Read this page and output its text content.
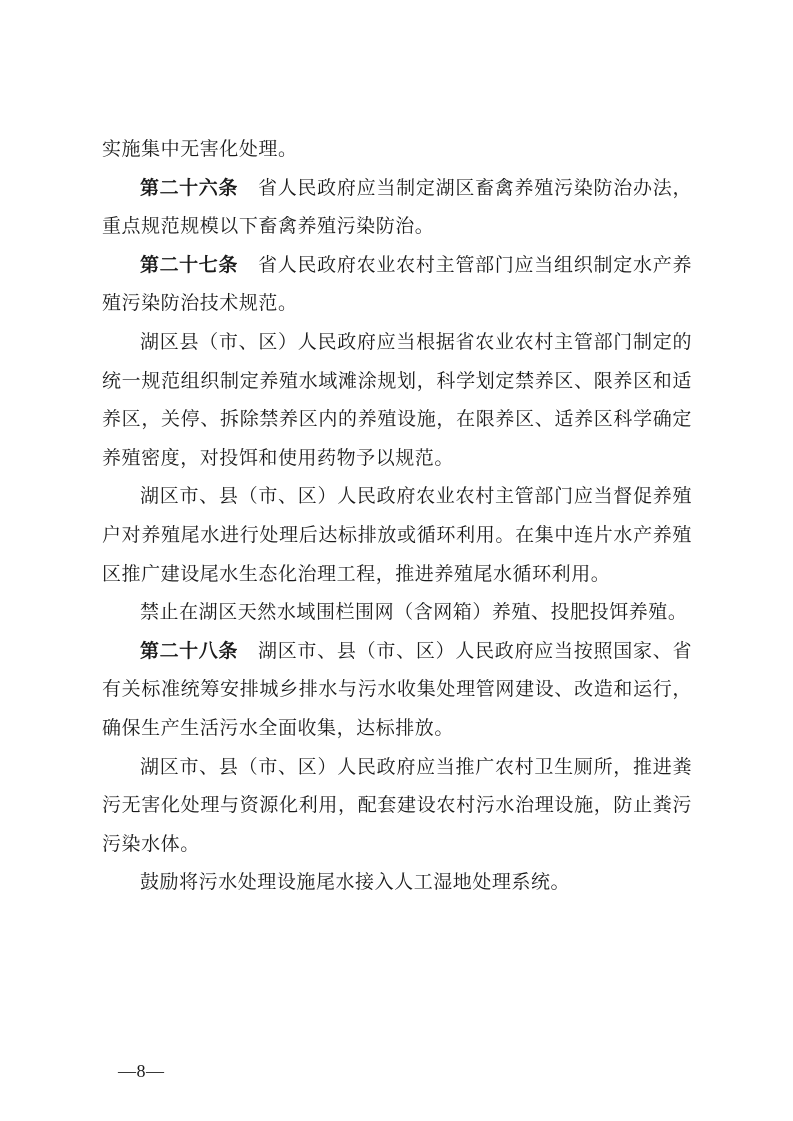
实施集中无害化处理。

第二十六条 省人民政府应当制定湖区畜禽养殖污染防治办法，重点规范规模以下畜禽养殖污染防治。

第二十七条 省人民政府农业农村主管部门应当组织制定水产养殖污染防治技术规范。

湖区县（市、区）人民政府应当根据省农业农村主管部门制定的统一规范组织制定养殖水域滩涂规划，科学划定禁养区、限养区和适养区，关停、拆除禁养区内的养殖设施，在限养区、适养区科学确定养殖密度，对投饵和使用药物予以规范。

湖区市、县（市、区）人民政府农业农村主管部门应当督促养殖户对养殖尾水进行处理后达标排放或循环利用。在集中连片水产养殖区推广建设尾水生态化治理工程，推进养殖尾水循环利用。

禁止在湖区天然水域围栏围网（含网箱）养殖、投肥投饵养殖。

第二十八条 湖区市、县（市、区）人民政府应当按照国家、省有关标准统筹安排城乡排水与污水收集处理管网建设、改造和运行，确保生产生活污水全面收集，达标排放。

湖区市、县（市、区）人民政府应当推广农村卫生厕所，推进粪污无害化处理与资源化利用，配套建设农村污水治理设施，防止粪污污染水体。

鼓励将污水处理设施尾水接入人工湿地处理系统。

—8—
